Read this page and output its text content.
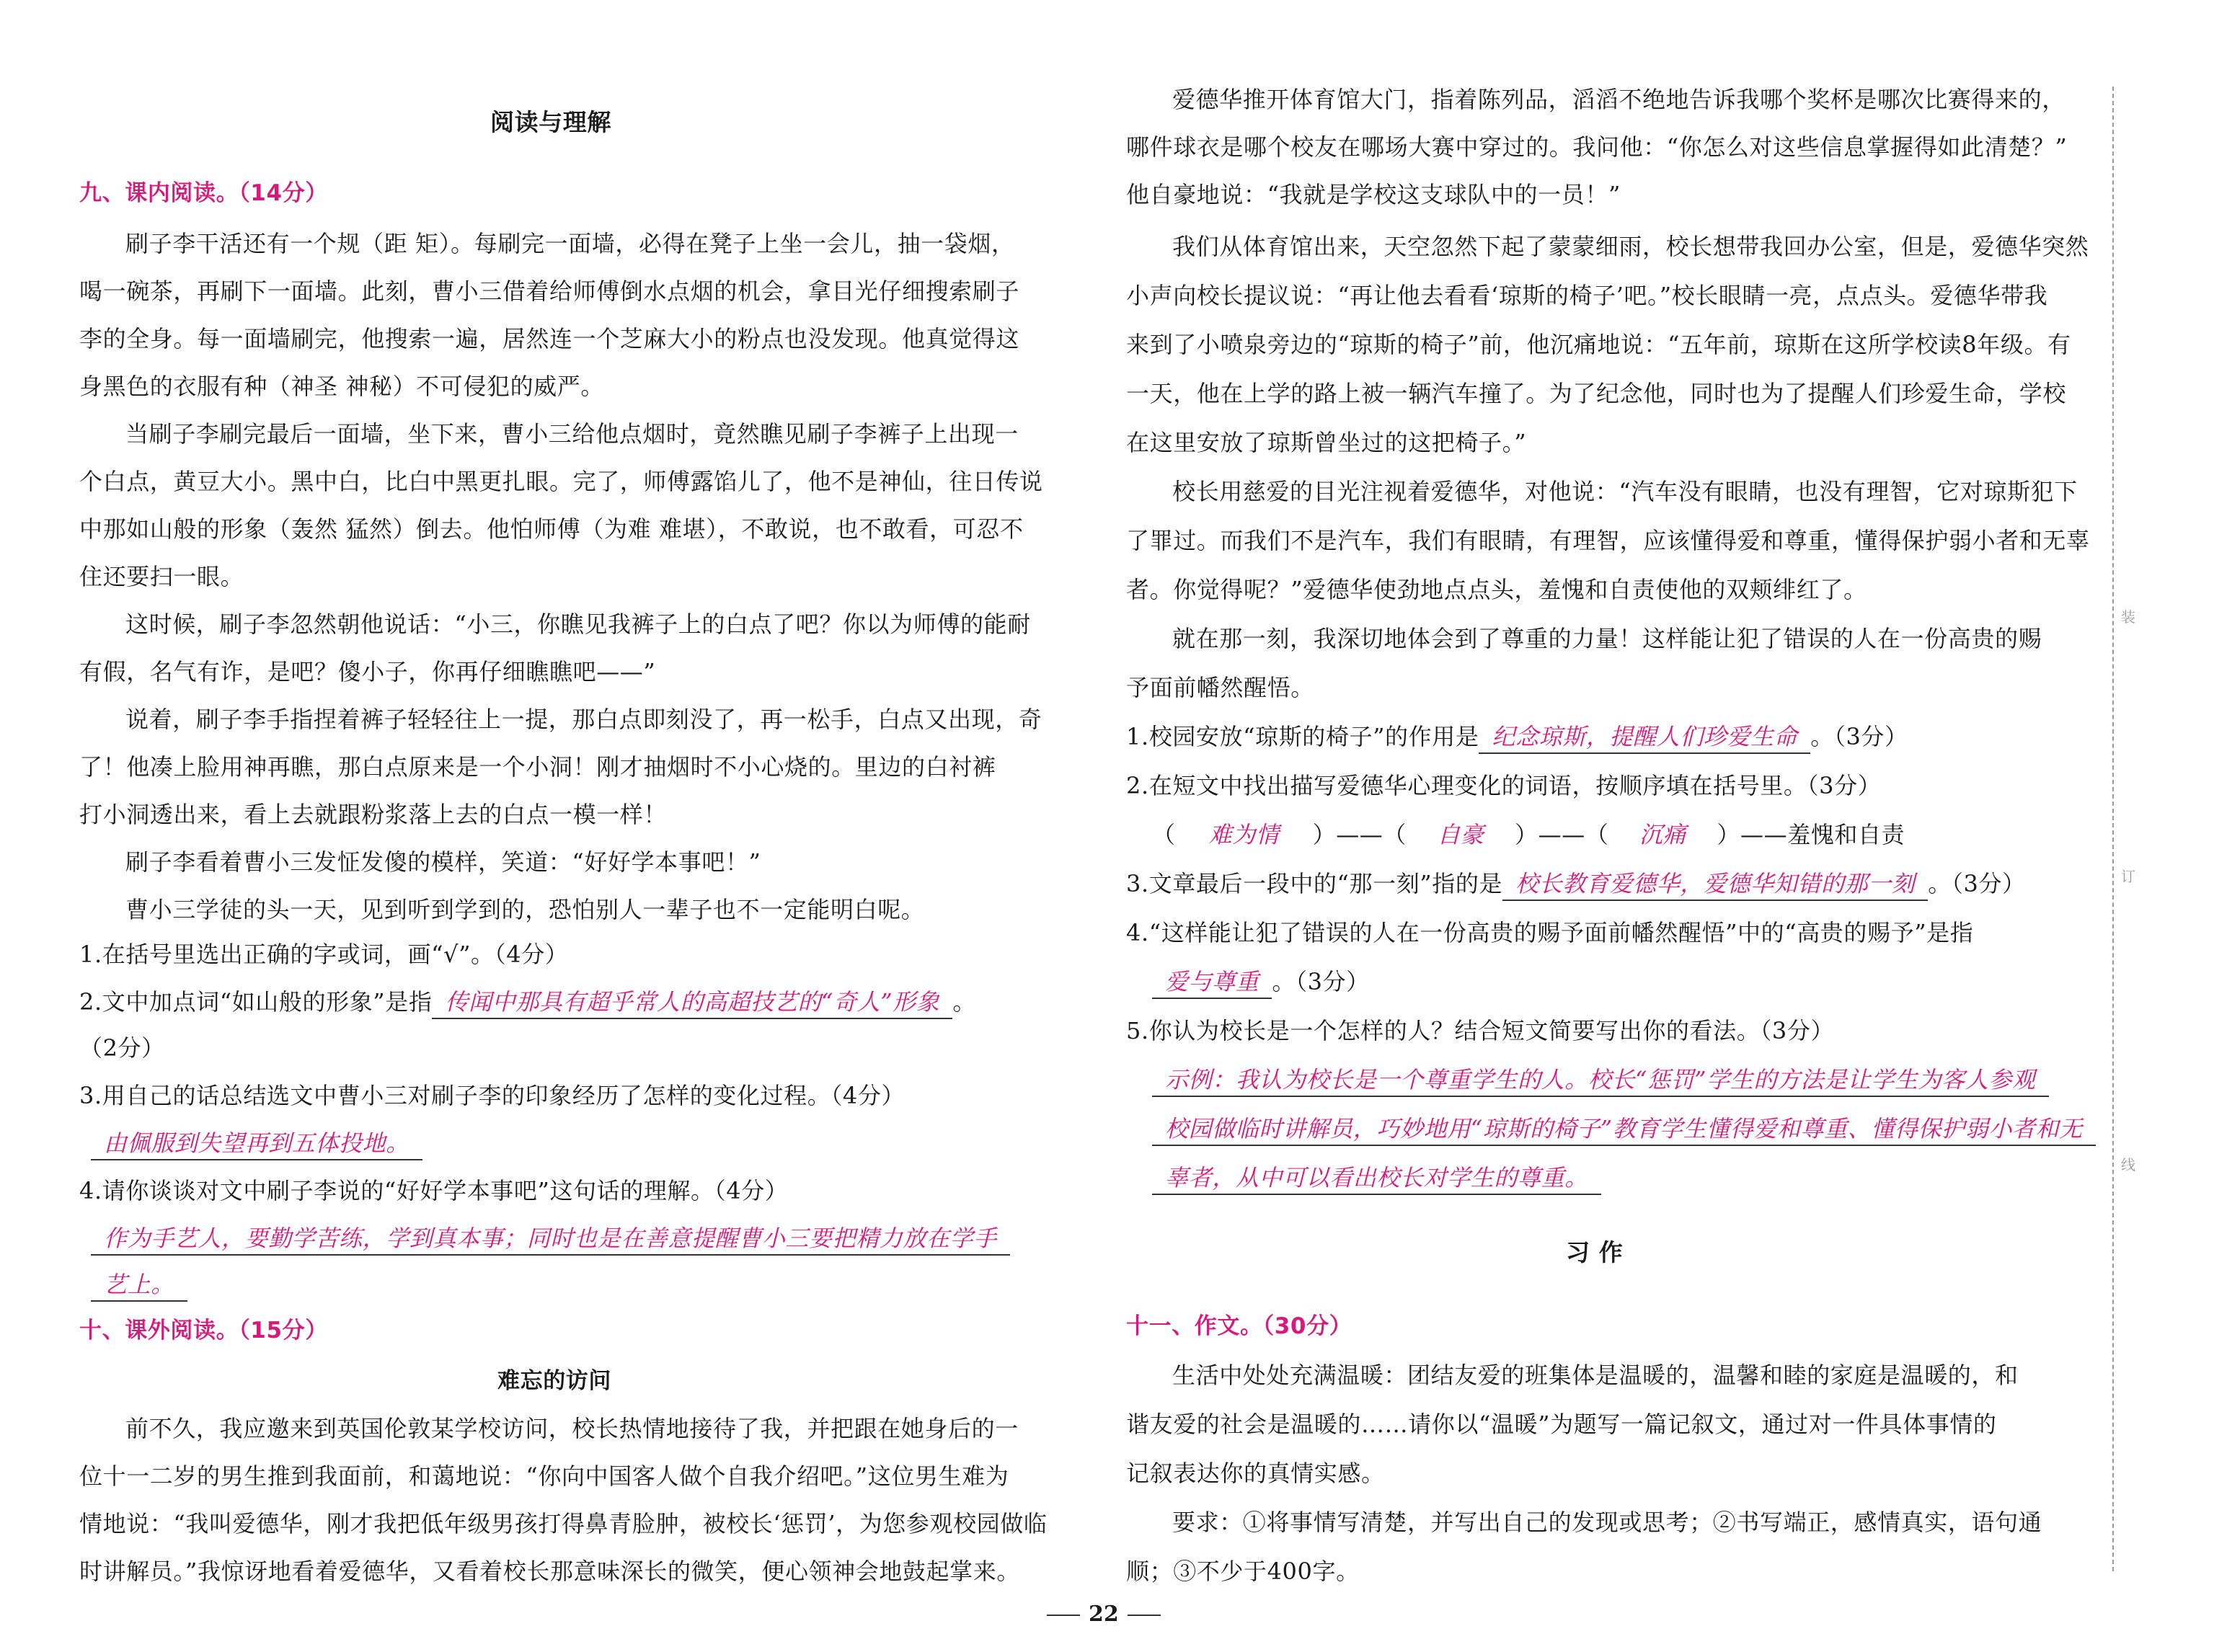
阅读与理解
九、课内阅读。（14分）
刷子李干活还有一个规（距 矩）。每刷完一面墙，必得在凳子上坐一会儿，抽一袋烟，
喝一碗茶，再刷下一面墙。此刻，曹小三借着给师傅倒水点烟的机会，拿目光仔细搜索刷子
李的全身。每一面墙刷完，他搜索一遍，居然连一个芝麻大小的粉点也没发现。他真觉得这
身黑色的衣服有种（神圣 神秘）不可侵犯的威严。
当刷子李刷完最后一面墙，坐下来，曹小三给他点烟时，竟然瞧见刷子李裤子上出现一
个白点，黄豆大小。黑中白，比白中黑更扎眼。完了，师傅露馅儿了，他不是神仙，往日传说
中那如山般的形象（轰然 猛然）倒去。他怕师傅（为难 难堪），不敢说，也不敢看，可忍不
住还要扫一眼。
这时候，刷子李忽然朝他说话：“小三，你瞧见我裤子上的白点了吧？你以为师傅的能耐
有假，名气有诈，是吧？傻小子，你再仔细瞧瞧吧——”
说着，刷子李手指捏着裤子轻轻往上一提，那白点即刻没了，再一松手，白点又出现，奇
了！他凑上脸用神再瞧，那白点原来是一个小洞！刚才抽烟时不小心烧的。里边的白衬裤
打小洞透出来，看上去就跟粉浆落上去的白点一模一样！
刷子李看着曹小三发怔发傻的模样，笑道：“好好学本事吧！”
曹小三学徒的头一天，见到听到学到的，恐怕别人一辈子也不一定能明白呢。
1.在括号里选出正确的字或词，画“√”。（4分）
2.文中加点词“如山般的形象”是指 传闻中那具有超乎常人的高超技艺的“奇人”形象 。
（2分）
3.用自己的话总结选文中曹小三对刷子李的印象经历了怎样的变化过程。（4分）
由佩服到失望再到五体投地。
4.请你谈谈对文中刷子李说的“好好学本事吧”这句话的理解。（4分）
作为手艺人，要勤学苦练，学到真本事；同时也是在善意提醒曹小三要把精力放在学手
艺上。
十、课外阅读。（15分）
难忘的访问
前不久，我应邀来到英国伦敦某学校访问，校长热情地接待了我，并把跟在她身后的一
位十一二岁的男生推到我面前，和蔼地说：“你向中国客人做个自我介绍吧。”这位男生难为
情地说：“我叫爱德华，刚才我把低年级男孩打得鼻青脸肿，被校长‘惩罚’，为您参观校园做临
时讲解员。”我惊讶地看着爱德华，又看着校长那意味深长的微笑，便心领神会地鼓起掌来。
爱德华推开体育馆大门，指着陈列品，滔滔不绝地告诉我哪个奖杯是哪次比赛得来的，
哪件球衣是哪个校友在哪场大赛中穿过的。我问他：“你怎么对这些信息掌握得如此清楚？”
他自豪地说：“我就是学校这支球队中的一员！”
我们从体育馆出来，天空忽然下起了蒙蒙细雨，校长想带我回办公室，但是，爱德华突然
小声向校长提议说：“再让他去看看‘琼斯的椅子’吧。”校长眼睛一亮，点点头。爱德华带我
来到了小喷泉旁边的“琼斯的椅子”前，他沉痛地说：“五年前，琼斯在这所学校读8年级。有
一天，他在上学的路上被一辆汽车撞了。为了纪念他，同时也为了提醒人们珍爱生命，学校
在这里安放了琼斯曾坐过的这把椅子。”
校长用慈爱的目光注视着爱德华，对他说：“汽车没有眼睛，也没有理智，它对琼斯犯下
了罪过。而我们不是汽车，我们有眼睛，有理智，应该懂得爱和尊重，懂得保护弱小者和无辜
者。你觉得呢？”爱德华使劲地点点头，羞愧和自责使他的双颊绯红了。
就在那一刻，我深切地体会到了尊重的力量！这样能让犯了错误的人在一份高贵的赐
予面前幡然醒悟。
1.校园安放“琼斯的椅子”的作用是 纪念琼斯，提醒人们珍爱生命 。（3分）
2.在短文中找出描写爱德华心理变化的词语，按顺序填在括号里。（3分）
（ 难为情 ）——（ 自豪 ）——（ 沉痛 ）——羞愧和自责
3.文章最后一段中的“那一刻”指的是 校长教育爱德华，爱德华知错的那一刻 。（3分）
4.“这样能让犯了错误的人在一份高贵的赐予面前幡然醒悟”中的“高贵的赐予”是指
爱与尊重 。（3分）
5.你认为校长是一个怎样的人？结合短文简要写出你的看法。（3分）
示例：我认为校长是一个尊重学生的人。校长“惩罚”学生的方法是让学生为客人参观
校园做临时讲解员，巧妙地用“琼斯的椅子”教育学生懂得爱和尊重、懂得保护弱小者和无
辜者，从中可以看出校长对学生的尊重。
习 作
十一、作文。（30分）
生活中处处充满温暖：团结友爱的班集体是温暖的，温馨和睦的家庭是温暖的，和
谐友爱的社会是温暖的……请你以“温暖”为题写一篇记叙文，通过对一件具体事情的
记叙表达你的真情实感。
要求：①将事情写清楚，并写出自己的发现或思考；②书写端正，感情真实，语句通
顺；③不少于400字。
装
订
线
22
